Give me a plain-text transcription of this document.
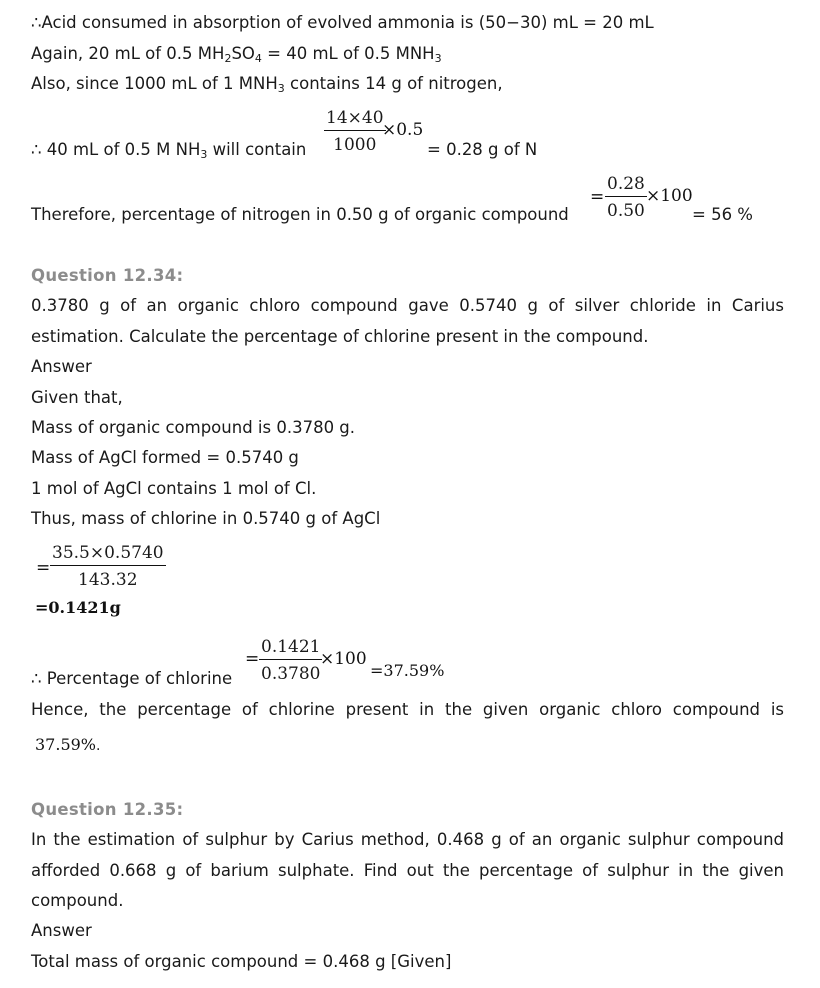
∴Acid consumed in absorption of evolved ammonia is (50−30) mL = 20 mL
Again, 20 mL of 0.5 $MH_2SO_4 = 40$ mL of 0.5 $MNH_3$
Also, since 1000 mL of 1 $MNH_3$ contains 14 g of nitrogen,
∴ 40 mL of 0.5 M $NH_3$ will contain $\frac{14\times 40}{1000}$
×0.5
= 0.28 g of N
Therefore, percentage of nitrogen in 0.50 g of organic compound
= $\frac{0.28}{0.50} \times 100$
= 56 %
Question 12.34:
0.3780 g of an organic chloro compound gave 0.5740 g of silver chloride in Carius
estimation. Calculate the percentage of chlorine present in the compound.
Answer
Given that,
Mass of organic compound is 0.3780 g.
Mass of AgCl formed = 0.5740 g
1 mol of AgCl contains 1 mol of Cl.
Thus, mass of chlorine in 0.5740 g of AgCl
= $\frac{35.5\times 0.5740}{143.32}$
=0.1421g
∴ Percentage of chlorine
= $\frac{0.1421}{0.3780}$
×100
=37.59%
Hence, the percentage of chlorine present in the given organic chloro compound is
37.59%.
Question 12.35:
In the estimation of sulphur by Carius method, 0.468 g of an organic sulphur compound
afforded 0.668 g of barium sulphate. Find out the percentage of sulphur in the given
compound.
Answer
Total mass of organic compound = 0.468 g [Given]
